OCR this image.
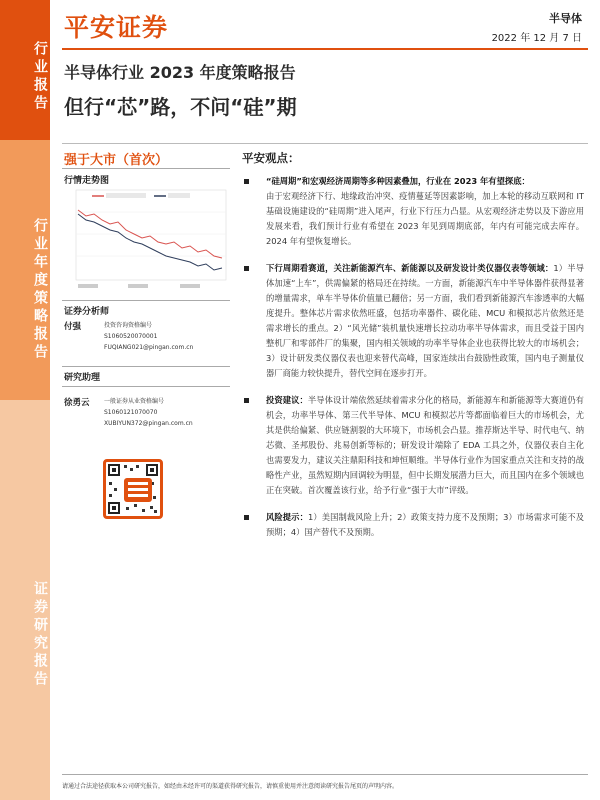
行业报告
行业年度策略报告
证券研究报告
平安证券	半导体
2022 年 12 月 7 日
半导体行业 2023 年度策略报告
但行“芯”路，不问“硅”期
强于大市（首次）
行情走势图
证券分析师
付强	投资咨询资格编号
S1060520070001
FUQIANG021@pingan.com.cn
研究助理
徐勇云 一般证券从业资格编号
S1060121070070
XUBIYUN372@pingan.com.cn
平安观点：
“硅周期”和宏观经济周期等多种因素叠加，行业在 2023 年有望探底：
由于宏观经济下行、地缘政治冲突、疫情蔓延等因素影响，加上本轮的移动互联网和 IT 基础设施建设的“硅周期”进入尾声，行业下行压力凸显。从宏观经济走势以及下游应用发展来看，我们预计行业有希望在 2023 年见到周期底部，年内有可能完成去库存。2024 年有望恢复增长。
下行周期看赛道，关注新能源汽车、新能源以及研发设计类仪器仪表等领域：1）半导体加速“上车”，供需偏紧的格局还在持续。一方面，新能源汽车中半导体器件获得显著的增量需求，单车半导体价值量已翻倍；另一方面，我们看到新能源汽车渗透率的大幅度提升。整体芯片需求依然旺盛，包括功率器件、碳化硅、MCU 和模拟芯片依然还是需求增长的重点。2）“风光储”装机量快速增长拉动功率半导体需求，而且受益于国内整机厂和零部件厂的集聚，国内相关领域的功率半导体企业也获得比较大的市场机会；3）设计研发类仪器仪表也迎来替代高峰，国家连续出台鼓励性政策，国内电子测量仪器厂商能力较快提升，替代空间在逐步打开。
投资建议：半导体设计端依然延续着需求分化的格局，新能源车和新能源等大赛道仍有机会，功率半导体、第三代半导体、MCU 和模拟芯片等都面临着巨大的市场机会，尤其是供给偏紧、供应链割裂的大环境下，市场机会凸显。推荐斯达半导、时代电气、纳芯微、圣邦股份、兆易创新等标的；研发设计端除了 EDA 工具之外，仪器仪表自主化也需要发力，建议关注鼎阳科技和坤恒顺维。半导体行业作为国家重点关注和支持的战略性产业，虽然短期内回调较为明显，但中长期发展潜力巨大，而且国内在多个领域也正在突破。首次覆盖该行业，给予行业“强于大市”评级。
风险提示：1）美国制裁风险上升；2）政策支持力度不及预期；3）市场需求可能不及预期；4）国产替代不及预期。
请通过合法途径获取本公司研究报告，如经由未经许可的渠道获得研究报告，请慎重使用并注意阅读研究报告尾页的声明内容。
